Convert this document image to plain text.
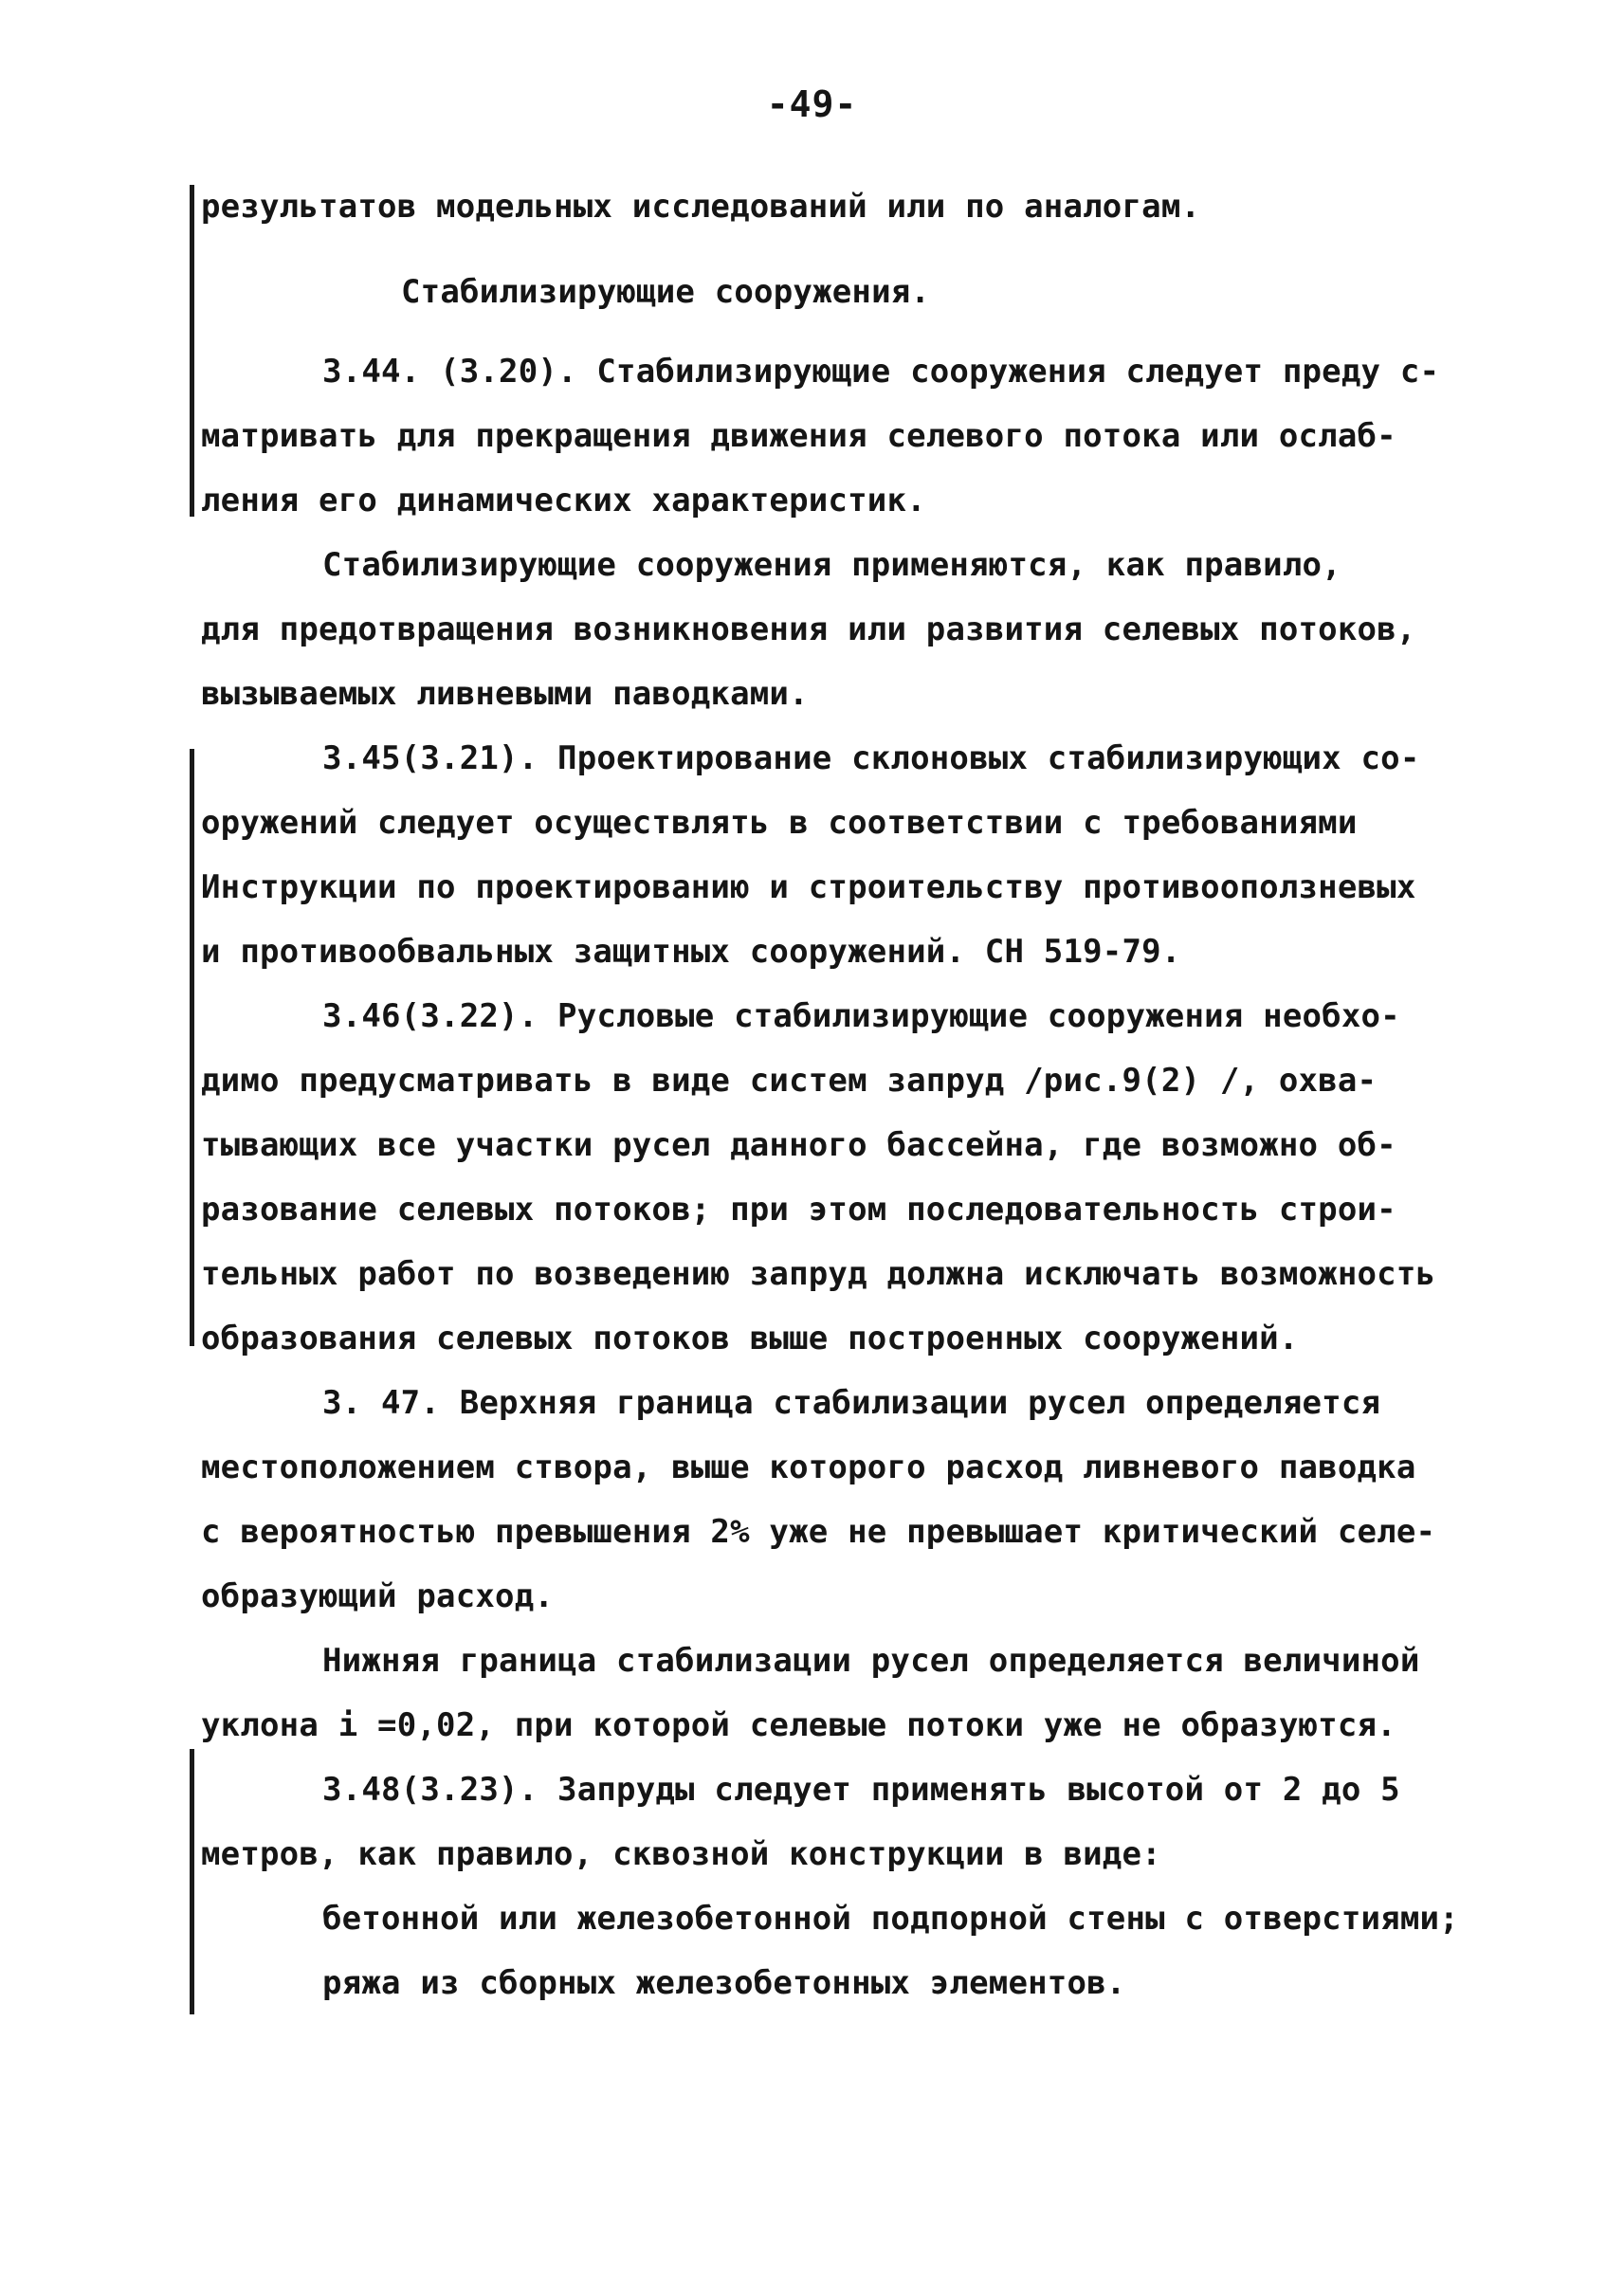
-49-
результатов модельных исследований или по аналогам.
Стабилизирующие сооружения.
3.44. (3.20). Стабилизирующие сооружения следует преду с-
матривать для прекращения движения селевого потока или ослаб-
ления его динамических характеристик.
Стабилизирующие сооружения применяются, как правило,
для предотвращения возникновения или развития селевых потоков,
вызываемых ливневыми паводками.
3.45(3.21). Проектирование склоновых стабилизирующих со-
оружений следует осуществлять в соответствии с требованиями
Инструкции по проектированию и строительству противооползневых
и противообвальных защитных сооружений. СН 519-79.
3.46(3.22). Русловые стабилизирующие сооружения необхо-
димо предусматривать в виде систем запруд /рис.9(2) /, охва-
тывающих все участки русел данного бассейна, где возможно об-
разование селевых потоков; при этом последовательность строи-
тельных работ по возведению запруд должна исключать возможность
образования селевых потоков выше построенных сооружений.
3. 47. Верхняя граница стабилизации русел определяется
местоположением створа, выше которого расход ливневого паводка
с вероятностью превышения 2% уже не превышает критический селе-
образующий расход.
Нижняя граница стабилизации русел определяется величиной
уклона i =0,02, при которой селевые потоки уже не образуются.
3.48(3.23). Запруды следует применять высотой от 2 до 5
метров, как правило, сквозной конструкции в виде:
бетонной или железобетонной подпорной стены с отверстиями;
ряжа из сборных железобетонных элементов.
